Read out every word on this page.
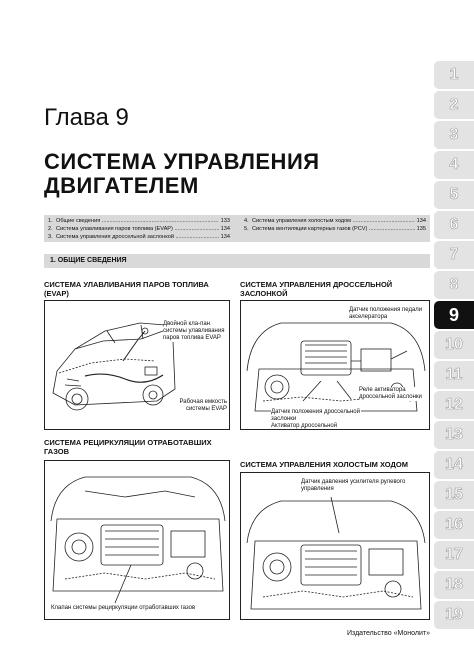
Глава 9
СИСТЕМА УПРАВЛЕНИЯ ДВИГАТЕЛЕМ
1. Общие сведения .....	133
2. Система улавливания паров топлива (EVAP) .....	134
3. Система управления дроссельной заслонкой .....	134
4. Система управления холостым ходом .....	134
5. Система вентиляции картерных газов (PCV) .....	135
1. ОБЩИЕ СВЕДЕНИЯ
СИСТЕМА УЛАВЛИВАНИЯ ПАРОВ ТОПЛИВА (EVAP)
Двойной кла-пан системы улавливания паров топлива EVAP
Рабочая емкость системы EVAP
СИСТЕМА УПРАВЛЕНИЯ ДРОССЕЛЬНОЙ ЗАСЛОНКОЙ
Датчик положения педали акселератора
Реле активатора дроссельной заслонки
Датчик положения дроссельной заслонки
Активатор дроссельной
СИСТЕМА РЕЦИРКУЛЯЦИИ ОТРАБОТАВШИХ ГАЗОВ
Клапан системы рециркуляции отработавших газов
СИСТЕМА УПРАВЛЕНИЯ ХОЛОСТЫМ ХОДОМ
Датчик давления усилителя рулевого управления
1
2
3
4
5
6
7
8
9
10
11
12
13
14
15
16
17
18
19
Издательство «Монолит»
